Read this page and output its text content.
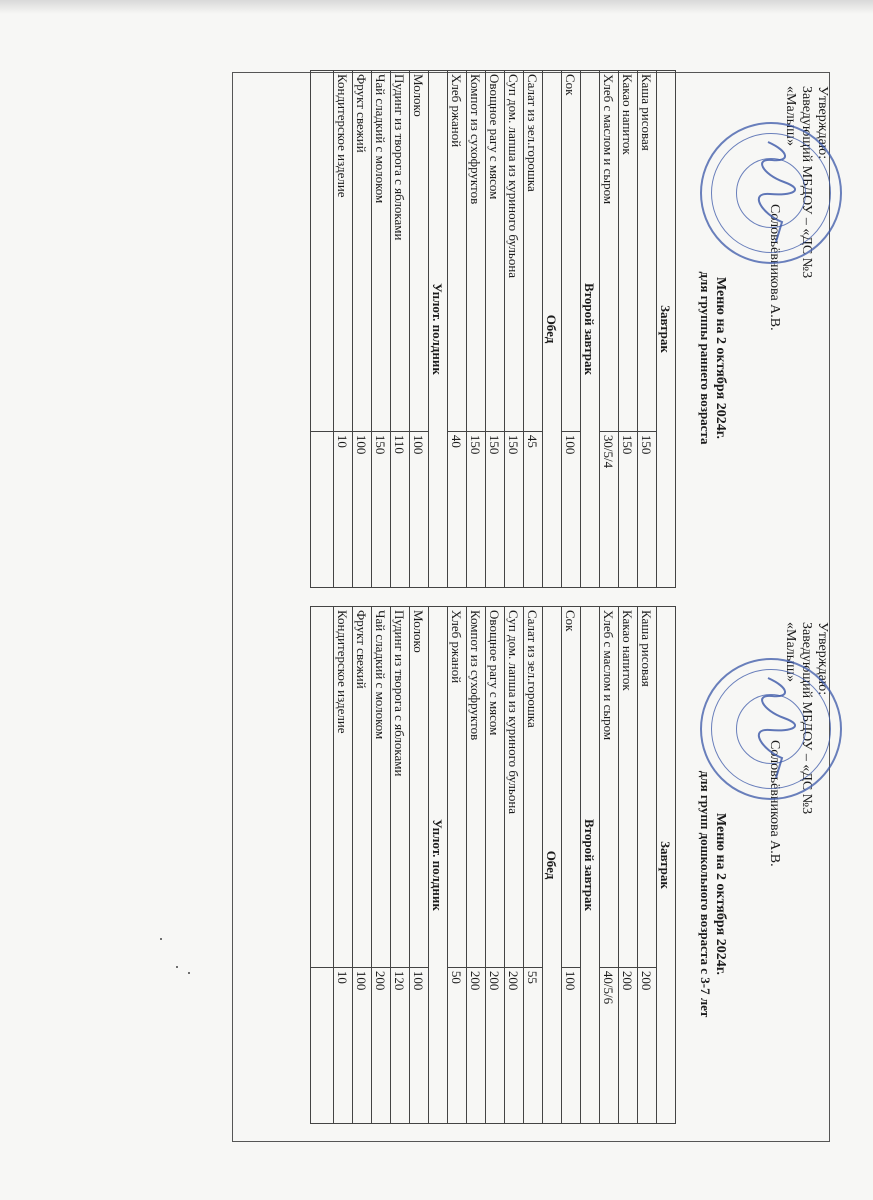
Утверждаю:
Заведующий МБДОУ – «ДС №3
«Малыш»
Соловьёвникова А.В.
Меню на 2 октября 2024г.
для группы раннего возраста
Завтрак	
Каша рисовая	150
Какао напиток	150
Хлеб с маслом и сыром	30/5/4
Второй завтрак	
Сок	100
Обед	
Салат из зел.горошка	45
Суп дом. лапша из куриного бульона	150
Овощное рагу с мясом	150
Компот из сухофруктов	150
Хлеб ржаной	40
Уплот. полдник	
Молоко	100
Пудинг из творога с яблоками	110
Чай сладкий с молоком	150
Фрукт свежий	100
Кондитерское изделие	10

Утверждаю:
Заведующий МБДОУ – «ДС №3
«Малыш»
Соловьёвникова А.В.
Меню на 2 октября 2024г.
для групп дошкольного возраста с 3-7 лет
Завтрак	
Каша рисовая	200
Какао напиток	200
Хлеб с маслом и сыром	40/5/6
Второй завтрак	
Сок	100
Обед	
Салат из зел.горошка	55
Суп дом. лапша из куриного бульона	200
Овощное рагу с мясом	200
Компот из сухофруктов	200
Хлеб ржаной	50
Уплот. полдник	
Молоко	100
Пудинг из творога с яблоками	120
Чай сладкий с молоком	200
Фрукт свежий	100
Кондитерское изделие	10
